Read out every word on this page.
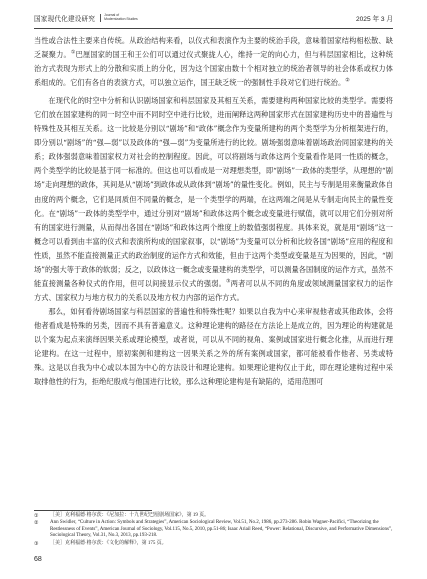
国家现代化建设研究	Journal of
Modernization Studies	2025 年 3 月

当性或合法性主要来自传统。从政治结构来看，以仪式和表演作为主要的统治手段，意味着国家结构相松散、缺乏凝聚力。①巴厘国家的国王和王公们可以通过仪式聚拢人心，维持一定的向心力，但与科层国家相比，这种统治方式表现为形式上的分散和实质上的分化，因为这个国家由数十个相对独立的统治者领导的社会体系或权力体系组成的。它们有各自的表演方式，可以独立运作，国王缺乏统一的强制性手段对它们进行统治。②

在现代化的时空中分析和认识剧场国家和科层国家及其相互关系，需要建构两种国家比较的类型学。需要将它们放在国家建构的同一时空中而不同时空中进行比较，进而阐释这两种国家形式在国家建构历史中的普遍性与特殊性及其相互关系。这一比较是分别以“剧场”和“政体”概念作为变量所建构的两个类型学为分析框架进行的，即分别以“剧场”的“强—弱”以及政体的“强—弱”为变量所进行的比较。剧场强弱意味着剧场政治同国家建构的关系；政体强弱意味着国家权力对社会的控制程度。因此，可以将剧场与政体这两个变量看作是同一性质的概念，两个类型学的比较是基于同一标准的。但这也可以看成是一对理想类型，即“剧场”一政体的类型学，从理想的“剧场”走向理想的政体，其间是从“剧场”到政体或从政体到“剧场”的量性变化。例如，民主与专制是用来衡量政体自由度的两个概念，它们是同质但不同量的概念，是一个类型学的两端，在这两端之间是从专制走向民主的量性变化。在“剧场”一政体的类型学中，通过分别对“剧场”和政体这两个概念或变量进行赋值，就可以用它们分别对所有的国家进行测量，从而得出各国在“剧场”和政体这两个维度上的数值强弱程度。具体来说，就是用“剧场”这一概念可以看到由丰富的仪式和表演所构成的国家叙事，以“剧场”为变量可以分析和比较各国“剧场”应用的程度和性质，虽然不能直接测量正式的政治制度的运作方式和效能，但由于这两个类型或变量是互为因果的，因此，“剧场”的强大等于政体的软弱；反之，以政体这一概念或变量建构的类型学，可以测量各国制度的运作方式，虽然不能直接测量各种仪式的作用，但可以间接显示仪式的强弱。③两者可以从不同的角度或领域测量国家权力的运作方式、国家权力与地方权力的关系以及地方权力内部的运作方式。

那么，如何看待剧场国家与科层国家的普遍性和特殊性呢？如果以自我为中心来审视他者或其他政体，会将他者看成是特殊的另类，因而不具有普遍意义。这种理论建构的路径在方法论上是成立的，因为理论的构建就是以个案为起点来演绎因果关系或理论模型，或者说，可以从不同的视角、案例或国家进行概念化推，从而进行理论建构。在这一过程中，原初案例和建构这一因果关系之外的所有案例或国家，都可能被看作他者、另类或特殊。这是以自我为中心或以本国为中心的方法设计和理论建构。如果理论建构仅止于此，即在理论建构过程中采取排他性的行为，拒绝纪殷成与他国进行比较，那么这种理论建构是有缺陷的，适用范围可

①	［美］克利福德·格尔茨：《尼加拉：十九世纪巴厘剧场国家》，第 19 页。
②	Ann Swidler, “Culture in Action: Symbols and Strategies”, American Sociological Review, Vol.51, No.2, 1986, pp.273-286. Robin Wagner-Pacifici, “Theorizing the Restlessness of Events”, American Journal of Sociology, Vol.115, No.5, 2010, pp.51-86; Isaac Ariail Reed, “Power: Relational, Discursive, and Performative Dimensions”, Sociological Theory, Vol.31, No.3, 2013, pp.193-218.
③	［美］克利福德·格尔茨：《文化的解释》，第 175 页。
68
